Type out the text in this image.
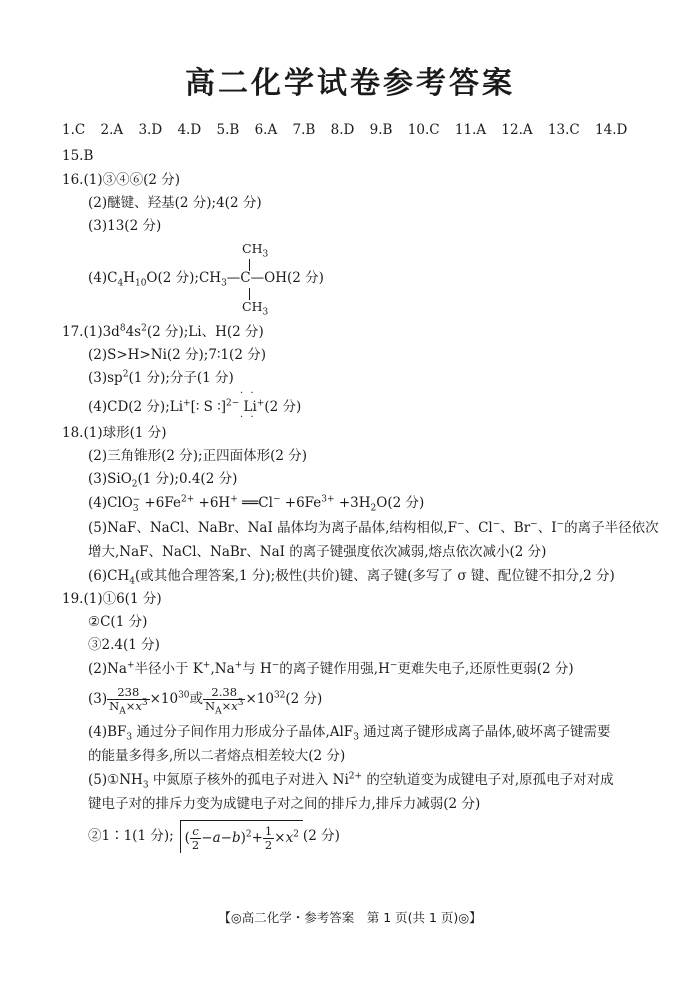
高二化学试卷参考答案
1.C 2.A 3.D 4.D 5.B 6.A 7.B 8.D 9.B 10.C 11.A 12.A 13.C 14.D
15.B
16.(1)③④⑥(2 分)
(2)醚键、羟基(2 分);4(2 分)
(3)13(2 分)
$CH_3$
$(4)C_4H_{10}O(2$ 分)$;CH_3—C—OH(2$ 分)
$CH_3$
$17.(1)3d^84s^2(2$ 分);Li、H(2 分)
(2)S>H>Ni(2 分);7∶1(2 分)
$(3)sp^2(1$ 分);分子(1 分)
· ·
(4)CD(2 分);Li+[∶ S ∶]$^{2-}$ Li+(2 分)
· ·
18.(1)球形(1 分)
(2)三角锥形(2 分);正四面体形(2 分)
(3)SiO$_2$(1 分);0.4(2 分)
$(4)ClO_3^- +6Fe^{2+} +6H^+$ ══Cl− $+6Fe^{3+} +3H_2O(2$ 分)
(5)NaF、NaCl、NaBr、NaI 晶体均为离子晶体,结构相似,F−、Cl−、Br−、I−的离子半径依次
增大,NaF、NaCl、NaBr、NaI 的离子键强度依次减弱,熔点依次减小(2 分)
$(6)CH_4$(或其他合理答案,1 分);极性(共价)键、离子键(多写了 σ 键、配位键不扣分,2 分)
19.(1)①6(1 分)
②C(1 分)
③2.4(1 分)
(2)Na+半径小于 K+,Na+与 H−的离子键作用强,H−更难失电子,还原性更弱(2 分)
$(3) \frac{238}{N_A\times x^3} \times 10^{30}$或 $\frac{2.38}{N_A\times x^3} \times 10^{32}(2$ 分)
$(4)BF_3$ 通过分子间作用力形成分子晶体,AlF$_3$ 通过离子键形成离子晶体,破坏离子键需要
的能量多得多,所以二者熔点相差较大(2 分)
$(5)①NH_3$ 中氮原子核外的孤电子对进入 $Ni^{2+}$ 的空轨道变为成键电子对,原孤电子对对成
键电子对的排斥力变为成键电子对之间的排斥力,排斥力减弱(2 分)
②1∶1(1 分); ( $\frac{c}{2} -a-b)^2+ \frac{1}{2} \times x^2$ (2 分)
【◎高二化学・参考答案　第 1 页(共 1 页)◎】
